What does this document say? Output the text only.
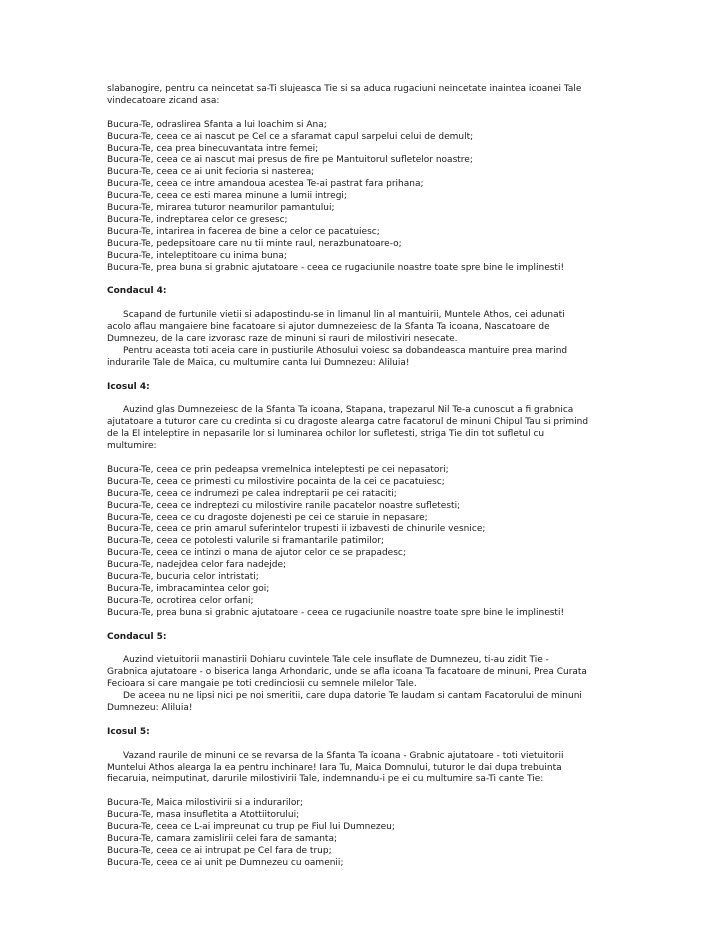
slabanogire, pentru ca neincetat sa-Ti slujeasca Tie si sa aduca rugaciuni neincetate inaintea icoanei Tale
vindecatoare zicand asa:
Bucura-Te, odraslirea Sfanta a lui Ioachim si Ana;
Bucura-Te, ceea ce ai nascut pe Cel ce a sfaramat capul sarpelui celui de demult;
Bucura-Te, cea prea binecuvantata intre femei;
Bucura-Te, ceea ce ai nascut mai presus de fire pe Mantuitorul sufletelor noastre;
Bucura-Te, ceea ce ai unit fecioria si nasterea;
Bucura-Te, ceea ce intre amandoua acestea Te-ai pastrat fara prihana;
Bucura-Te, ceea ce esti marea minune a lumii intregi;
Bucura-Te, mirarea tuturor neamurilor pamantului;
Bucura-Te, indreptarea celor ce gresesc;
Bucura-Te, intarirea in facerea de bine a celor ce pacatuiesc;
Bucura-Te, pedepsitoare care nu tii minte raul, nerazbunatoare-o;
Bucura-Te, inteleptitoare cu inima buna;
Bucura-Te, prea buna si grabnic ajutatoare - ceea ce rugaciunile noastre toate spre bine le implinesti!
Condacul 4:
Scapand de furtunile vietii si adapostindu-se in limanul lin al mantuirii, Muntele Athos, cei adunati
acolo aflau mangaiere bine facatoare si ajutor dumnezeiesc de la Sfanta Ta icoana, Nascatoare de
Dumnezeu, de la care izvorasc raze de minuni si rauri de milostiviri nesecate.
Pentru aceasta toti aceia care in pustiurile Athosului voiesc sa dobandeasca mantuire prea marind
indurarile Tale de Maica, cu multumire canta lui Dumnezeu: Aliluia!
Icosul 4:
Auzind glas Dumnezeiesc de la Sfanta Ta icoana, Stapana, trapezarul Nil Te-a cunoscut a fi grabnica
ajutatoare a tuturor care cu credinta si cu dragoste alearga catre facatorul de minuni Chipul Tau si primind
de la El inteleptire in nepasarile lor si luminarea ochilor lor sufletesti, striga Tie din tot sufletul cu
multumire:
Bucura-Te, ceea ce prin pedeapsa vremelnica inteleptesti pe cei nepasatori;
Bucura-Te, ceea ce primesti cu milostivire pocainta de la cei ce pacatuiesc;
Bucura-Te, ceea ce indrumezi pe calea indreptarii pe cei rataciti;
Bucura-Te, ceea ce indreptezi cu milostivire ranile pacatelor noastre sufletesti;
Bucura-Te, ceea ce cu dragoste dojenesti pe cei ce staruie in nepasare;
Bucura-Te, ceea ce prin amarul suferintelor trupesti ii izbavesti de chinurile vesnice;
Bucura-Te, ceea ce potolesti valurile si framantarile patimilor;
Bucura-Te, ceea ce intinzi o mana de ajutor celor ce se prapadesc;
Bucura-Te, nadejdea celor fara nadejde;
Bucura-Te, bucuria celor intristati;
Bucura-Te, imbracamintea celor goi;
Bucura-Te, ocrotirea celor orfani;
Bucura-Te, prea buna si grabnic ajutatoare - ceea ce rugaciunile noastre toate spre bine le implinesti!
Condacul 5:
Auzind vietuitorii manastirii Dohiaru cuvintele Tale cele insuflate de Dumnezeu, ti-au zidit Tie -
Grabnica ajutatoare - o biserica langa Arhondaric, unde se afla icoana Ta facatoare de minuni, Prea Curata
Fecioara si care mangaie pe toti credinciosii cu semnele milelor Tale.
De aceea nu ne lipsi nici pe noi smeritii, care dupa datorie Te laudam si cantam Facatorului de minuni
Dumnezeu: Aliluia!
Icosul 5:
Vazand raurile de minuni ce se revarsa de la Sfanta Ta icoana - Grabnic ajutatoare - toti vietuitorii
Muntelui Athos alearga la ea pentru inchinare! Iara Tu, Maica Domnului, tuturor le dai dupa trebuinta
fiecaruia, neimputinat, darurile milostivirii Tale, indemnandu-i pe ei cu multumire sa-Ti cante Tie:
Bucura-Te, Maica milostivirii si a indurarilor;
Bucura-Te, masa insufletita a Atottiitorului;
Bucura-Te, ceea ce L-ai impreunat cu trup pe Fiul lui Dumnezeu;
Bucura-Te, camara zamislirii celei fara de samanta;
Bucura-Te, ceea ce ai intrupat pe Cel fara de trup;
Bucura-Te, ceea ce ai unit pe Dumnezeu cu oamenii;
